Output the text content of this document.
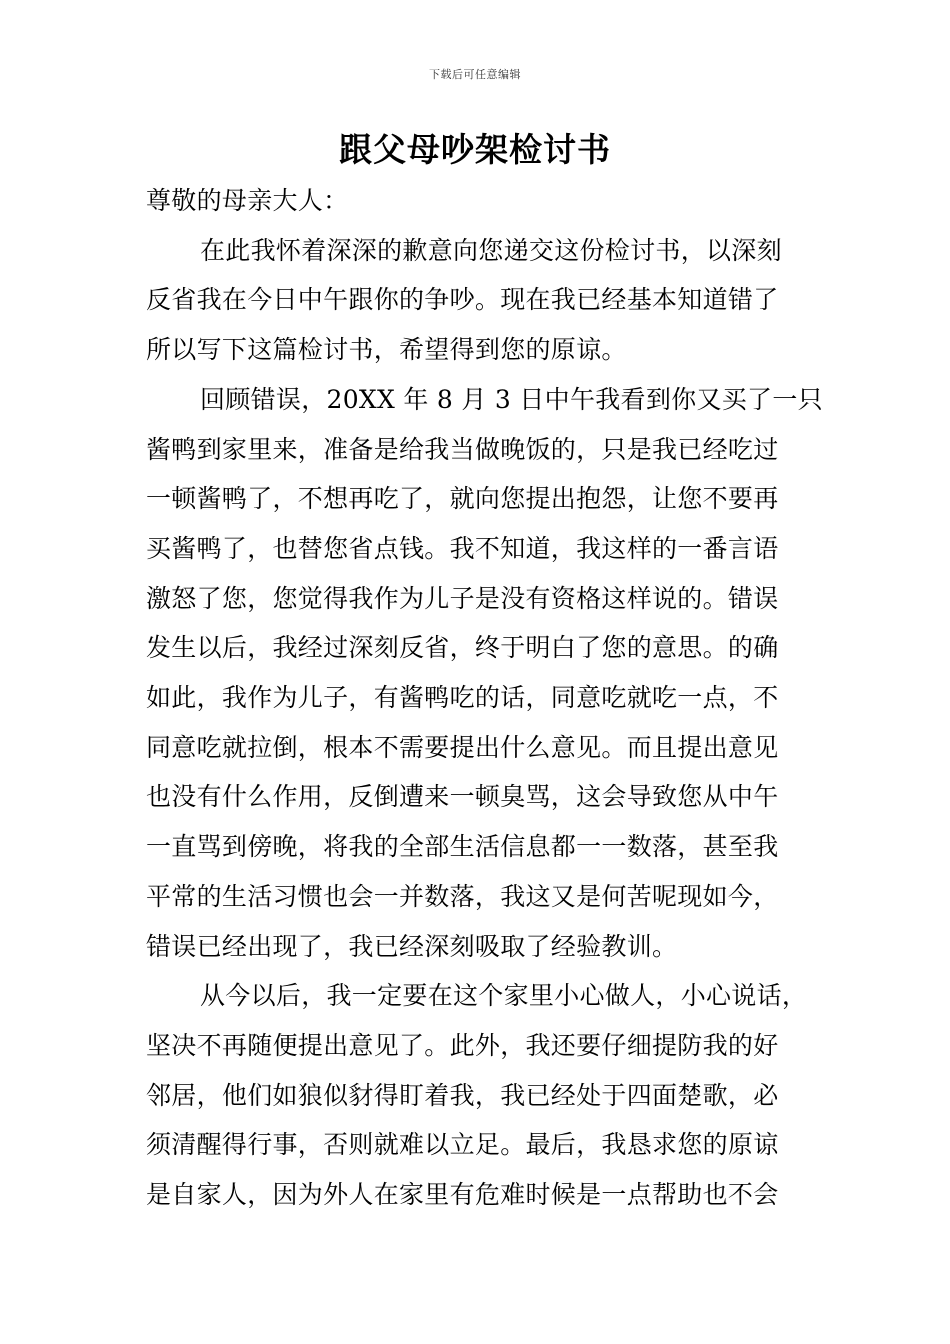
下载后可任意编辑
跟父母吵架检讨书

尊敬的母亲大人：

在此我怀着深深的歉意向您递交这份检讨书，以深刻
反省我在今日中午跟你的争吵。现在我已经基本知道错了
所以写下这篇检讨书，希望得到您的原谅。
回顾错误，20XX 年 8 月 3 日中午我看到你又买了一只
酱鸭到家里来，准备是给我当做晚饭的，只是我已经吃过
一顿酱鸭了，不想再吃了，就向您提出抱怨，让您不要再
买酱鸭了，也替您省点钱。我不知道，我这样的一番言语
激怒了您，您觉得我作为儿子是没有资格这样说的。错误
发生以后，我经过深刻反省，终于明白了您的意思。的确
如此，我作为儿子，有酱鸭吃的话，同意吃就吃一点，不
同意吃就拉倒，根本不需要提出什么意见。而且提出意见
也没有什么作用，反倒遭来一顿臭骂，这会导致您从中午
一直骂到傍晚，将我的全部生活信息都一一数落，甚至我
平常的生活习惯也会一并数落，我这又是何苦呢现如今，
错误已经出现了，我已经深刻吸取了经验教训。
从今以后，我一定要在这个家里小心做人，小心说话，
坚决不再随便提出意见了。此外，我还要仔细提防我的好
邻居，他们如狼似豺得盯着我，我已经处于四面楚歌，必
须清醒得行事，否则就难以立足。最后，我恳求您的原谅
是自家人，因为外人在家里有危难时候是一点帮助也不会
